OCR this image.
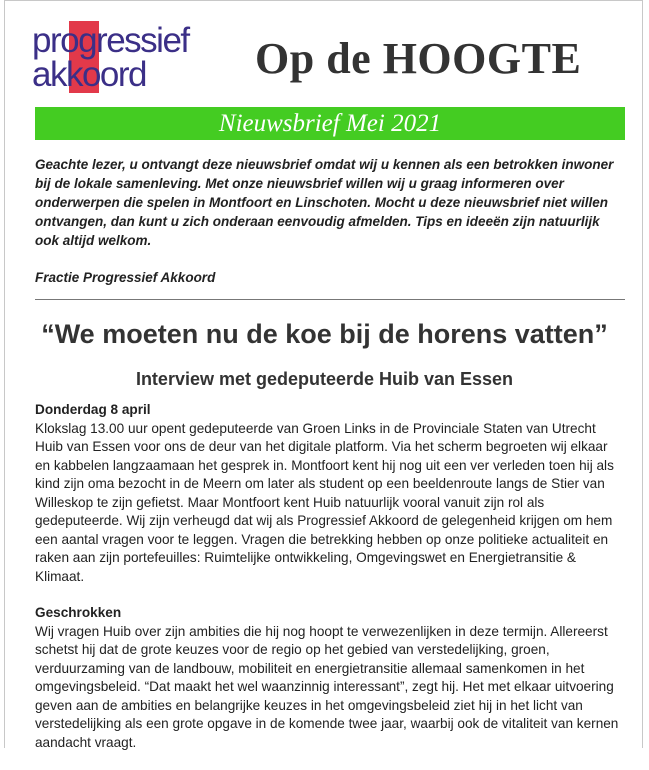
progressief
akkoord Op de HOOGTE
Nieuwsbrief Mei 2021

Geachte lezer, u ontvangt deze nieuwsbrief omdat wij u kennen als een betrokken inwoner bij de lokale samenleving. Met onze nieuwsbrief willen wij u graag informeren over onderwerpen die spelen in Montfoort en Linschoten. Mocht u deze nieuwsbrief niet willen ontvangen, dan kunt u zich onderaan eenvoudig afmelden. Tips en ideeën zijn natuurlijk ook altijd welkom.

Fractie Progressief Akkoord

“We moeten nu de koe bij de horens vatten”
Interview met gedeputeerde Huib van Essen
Donderdag 8 april
Klokslag 13.00 uur opent gedeputeerde van Groen Links in de Provinciale Staten van Utrecht Huib van Essen voor ons de deur van het digitale platform. Via het scherm begroeten wij elkaar en kabbelen langzaamaan het gesprek in. Montfoort kent hij nog uit een ver verleden toen hij als kind zijn oma bezocht in de Meern om later als student op een beeldenroute langs de Stier van Willeskop te zijn gefietst. Maar Montfoort kent Huib natuurlijk vooral vanuit zijn rol als gedeputeerde. Wij zijn verheugd dat wij als Progressief Akkoord de gelegenheid krijgen om hem een aantal vragen voor te leggen. Vragen die betrekking hebben op onze politieke actualiteit en raken aan zijn portefeuilles: Ruimtelijke ontwikkeling, Omgevingswet en Energietransitie & Klimaat.
Geschrokken
Wij vragen Huib over zijn ambities die hij nog hoopt te verwezenlijken in deze termijn. Allereerst schetst hij dat de grote keuzes voor de regio op het gebied van verstedelijking, groen, verduurzaming van de landbouw, mobiliteit en energietransitie allemaal samenkomen in het omgevingsbeleid. “Dat maakt het wel waanzinnig interessant”, zegt hij. Het met elkaar uitvoering geven aan de ambities en belangrijke keuzes in het omgevingsbeleid ziet hij in het licht van verstedelijking als een grote opgave in de komende twee jaar, waarbij ook de vitaliteit van kernen aandacht vraagt.
